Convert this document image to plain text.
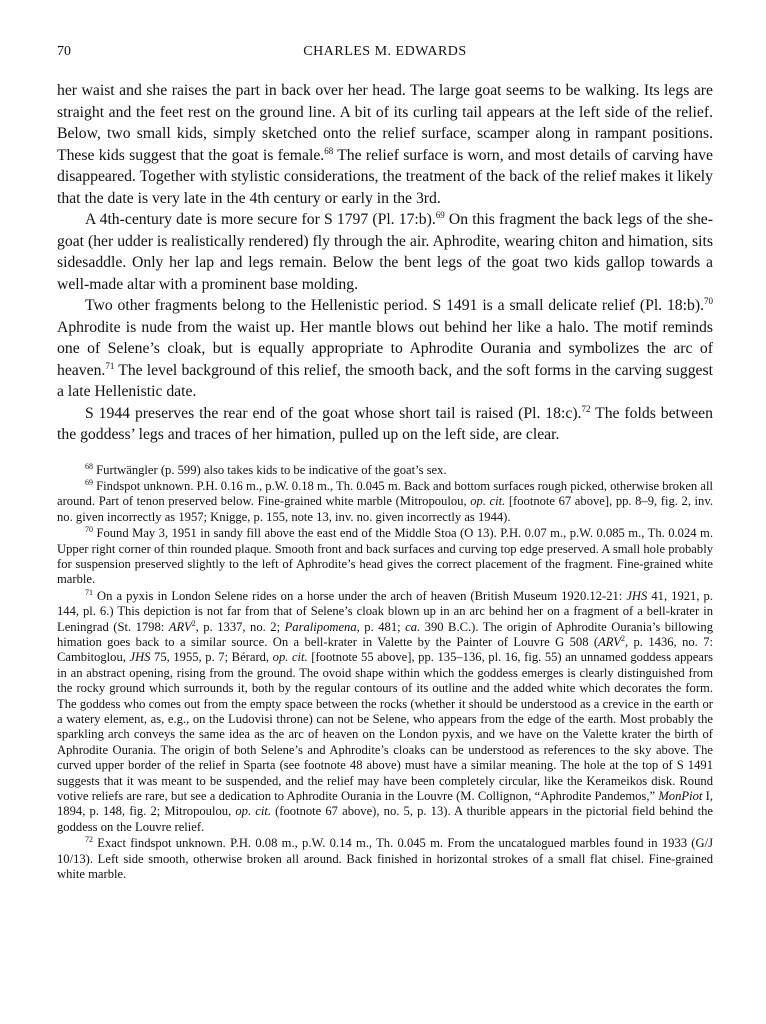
70	CHARLES M. EDWARDS

her waist and she raises the part in back over her head. The large goat seems to be walking. Its legs are straight and the feet rest on the ground line. A bit of its curling tail appears at the left side of the relief. Below, two small kids, simply sketched onto the relief surface, scamper along in rampant positions. These kids suggest that the goat is female.$^{68}$ The relief surface is worn, and most details of carving have disappeared. Together with stylistic considerations, the treatment of the back of the relief makes it likely that the date is very late in the 4th century or early in the 3rd.

A 4th-century date is more secure for S 1797 (Pl. 17:b).$^{69}$ On this fragment the back legs of the she-goat (her udder is realistically rendered) fly through the air. Aphrodite, wearing chiton and himation, sits sidesaddle. Only her lap and legs remain. Below the bent legs of the goat two kids gallop towards a well-made altar with a prominent base molding.

Two other fragments belong to the Hellenistic period. S 1491 is a small delicate relief (Pl. 18:b).$^{70}$ Aphrodite is nude from the waist up. Her mantle blows out behind her like a halo. The motif reminds one of Selene’s cloak, but is equally appropriate to Aphrodite Ourania and symbolizes the arc of heaven.$^{71}$ The level background of this relief, the smooth back, and the soft forms in the carving suggest a late Hellenistic date.

S 1944 preserves the rear end of the goat whose short tail is raised (Pl. 18:c).$^{72}$ The folds between the goddess’ legs and traces of her himation, pulled up on the left side, are clear.

$^{68}$ Furtwängler (p. 599) also takes kids to be indicative of the goat’s sex.

$^{69}$ Findspot unknown. P.H. 0.16 m., p.W. 0.18 m., Th. 0.045 m. Back and bottom surfaces rough picked, otherwise broken all around. Part of tenon preserved below. Fine-grained white marble (Mitropoulou, op. cit. [footnote 67 above], pp. 8–9, fig. 2, inv. no. given incorrectly as 1957; Knigge, p. 155, note 13, inv. no. given incorrectly as 1944).

$^{70}$ Found May 3, 1951 in sandy fill above the east end of the Middle Stoa (O 13). P.H. 0.07 m., p.W. 0.085 m., Th. 0.024 m. Upper right corner of thin rounded plaque. Smooth front and back surfaces and curving top edge preserved. A small hole probably for suspension preserved slightly to the left of Aphrodite’s head gives the correct placement of the fragment. Fine-grained white marble.

$^{71}$ On a pyxis in London Selene rides on a horse under the arch of heaven (British Museum 1920.12-21: JHS 41, 1921, p. 144, pl. 6.) This depiction is not far from that of Selene’s cloak blown up in an arc behind her on a fragment of a bell-krater in Leningrad (St. 1798: ARV$^2$, p. 1337, no. 2; Paralipomena, p. 481; ca. 390 B.C.). The origin of Aphrodite Ourania’s billowing himation goes back to a similar source. On a bell-krater in Valette by the Painter of Louvre G 508 (ARV$^2$, p. 1436, no. 7: Cambitoglou, JHS 75, 1955, p. 7; Bérard, op. cit. [footnote 55 above], pp. 135–136, pl. 16, fig. 55) an unnamed goddess appears in an abstract opening, rising from the ground. The ovoid shape within which the goddess emerges is clearly distinguished from the rocky ground which surrounds it, both by the regular contours of its outline and the added white which decorates the form. The goddess who comes out from the empty space between the rocks (whether it should be understood as a crevice in the earth or a watery element, as, e.g., on the Ludovisi throne) can not be Selene, who appears from the edge of the earth. Most probably the sparkling arch conveys the same idea as the arc of heaven on the London pyxis, and we have on the Valette krater the birth of Aphrodite Ourania. The origin of both Selene’s and Aphrodite’s cloaks can be understood as references to the sky above. The curved upper border of the relief in Sparta (see footnote 48 above) must have a similar meaning. The hole at the top of S 1491 suggests that it was meant to be suspended, and the relief may have been completely circular, like the Kerameikos disk. Round votive reliefs are rare, but see a dedication to Aphrodite Ourania in the Louvre (M. Collignon, “Aphrodite Pandemos,” MonPiot I, 1894, p. 148, fig. 2; Mitropoulou, op. cit. (footnote 67 above), no. 5, p. 13). A thurible appears in the pictorial field behind the goddess on the Louvre relief.

$^{72}$ Exact findspot unknown. P.H. 0.08 m., p.W. 0.14 m., Th. 0.045 m. From the uncatalogued marbles found in 1933 (G/J 10/13). Left side smooth, otherwise broken all around. Back finished in horizontal strokes of a small flat chisel. Fine-grained white marble.
